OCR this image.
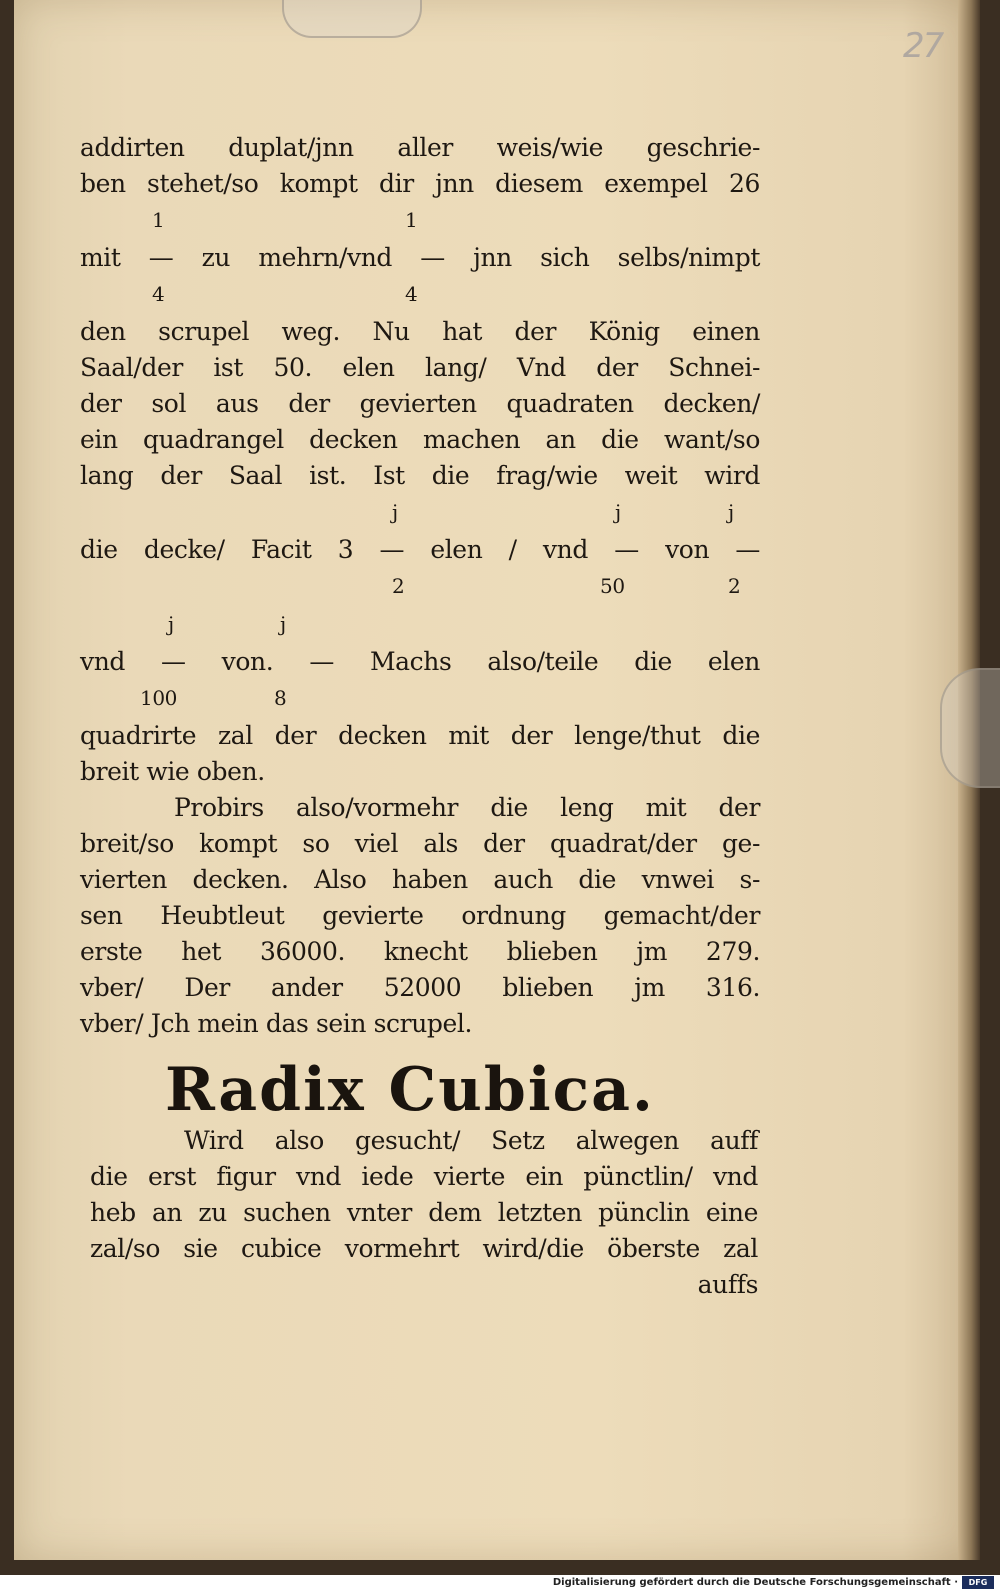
27
addirten duplat/jnn aller weis/wie geschrie-
ben stehet/so kompt dir jnn diesem exempel 26
1	1
mit — zu mehrn/vnd — jnn sich selbs/nimpt
4	4
den scrupel weg. Nu hat der König einen
Saal/der ist 50. elen lang/ Vnd der Schnei-
der sol aus der gevierten quadraten decken/
ein quadrangel decken machen an die want/so
lang der Saal ist. Ist die frag/wie weit wird
j	j	j
die decke/ Facit 3 — elen / vnd — von —
2	50	2
j	j
vnd — von. — Machs also/teile die elen
100	8
quadrirte zal der decken mit der lenge/thut die
breit wie oben.
Probirs also/vormehr die leng mit der
breit/so kompt so viel als der quadrat/der ge-
vierten decken. Also haben auch die vnwei s-
sen Heubtleut gevierte ordnung gemacht/der
erste het 36000. knecht blieben jm 279.
vber/ Der ander 52000 blieben jm 316.
vber/ Jch mein das sein scrupel.
Radix Cubica.
Wird also gesucht/ Setz alwegen auff
die erst figur vnd iede vierte ein pünctlin/ vnd
heb an zu suchen vnter dem letzten pünclin eine
zal/so sie cubice vormehrt wird/die öberste zal
auffs
Digitalisierung gefördert durch die Deutsche Forschungsgemeinschaft ·	DFG
